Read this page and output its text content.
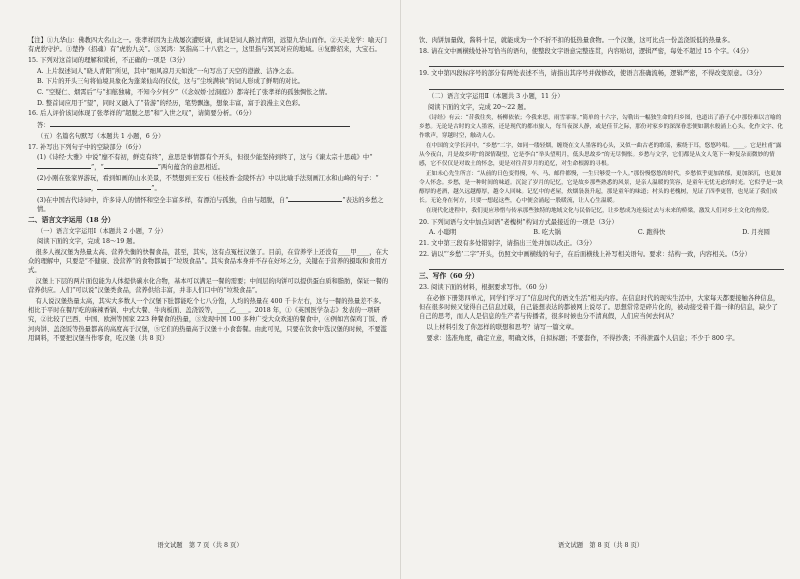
【注】①九华山：佛教四大名山之一。张孝祥因为主战屡次遭贬谪，此词是词人路过青阳，远望九华山而作。②天关龙学：喻天门有虎豹守护。③楚挣（招魂）有“虎豹九关”。③冥鸿：冥指高二十八宿之一，这里指与冥冥对应的地域。④复醉招来，大宝石。
15. 下列对这首词的理解和赏析，不正确的一项是（3分）
A. 上片叙述词人“晓人青阳”所见，其中“细风凉月天如洗”一句写出了天空的澄澈、洁净之态。
B. 下片的开头三句将仙境具象化为蓬莱仙岛的仪仗，这与“尘埃满袂”的词人形成了鲜明的对比。
C. “空疑仁、烟霄后”与“扣舷独啸，不知今夕何夕”（《念奴娇·过洞庭》）都寄托了张孝祥的孤独惆怅之情。
D. 整首词应用于“望”，同时又融入了“昔游”的经历，笔势飘逸，想象丰富，富于浪漫主义色彩。
16. 后人评价该词体现了张孝祥的“超脱之思”和“入世之叹”，请简要分析。（6分）
答：
（五）名篇名句默写（本题共 1 小题，6 分）
17. 补写出下列句子中的空缺部分（6分）
(1)《诗经·大雅》中说“靡不有初，鲜克有终”，意思是事情都有个开头，但很少能坚持到终了，这与《谏太宗十思疏》中“”，“	”两句蕴含的意思相近。
(2)小刚在张家界游玩，看到如画的山水美景，不禁想到王安石《桂枝香·金陵怀古》中以比喻手法刻画江水和山峰的句子：“，	”。
(3)在中国古代诗词中，许多诗人的情怀和空全丰富多样，有漂泊与孤独，自由与超脱，自“	”表达的乡愁之情。
二、语言文字运用（18 分）
（一）语言文字运用Ⅰ（本题共 2 小题，7 分）
阅读下面的文字，完成 18～19 题。
很多人视汉堡为热量太高、营养失衡的快餐食品，甚至，其实，这有点冤枉汉堡了。目前，在营养学上还没有____甲____，在大众的理解中，只要是“不健康、没营养”的食物都属于“垃圾食品”。其实食品本身并不存在好坏之分，关键在于营养的摄取和食用方式。
汉堡上下层的两片面包能为人体提供碳水化合物，基本可以满足一餐的需要；中间层的肉饼可以提供蛋白质和脂肪，保证一餐的营养供应。人们“可以说”汉堡类食品，营养供给丰富，并非人们口中的“垃圾食品”。
有人说汉堡热量太高，其实大多数人一个汉堡下肚都能吃个七八分饱，人均的热量在 400 千卡左右，这与一餐的热量差不多。相比于平时在餐厅吃的麻辣香锅、中式大餐、牛肉板面、盖浇饭等，____乙____。2018 年，①《英国医学杂志》发表的一项研究，②比较了巴西、中国、欧洲等国家 223 种餐食的热量，③发现中国 100 多种广受大众欢迎的餐食中，④例如宫保鸡丁饭、香河肉饼、盖浇饭等热量都高的高度高于汉堡，⑤它们的热量高于汉堡＋小食套餐。由此可见，只要在饮食中选汉堡的时候，不要滥用调料，不要把汉堡当作零食，吃汉堡（共 8 页）
语文试题　第 7 页（共 8 页）
饮、肉饼加量做，酱料十足，就能成为一个不折不扣的低热量食物。一个汉堡，这可比点一份盖浇饭低的热量多。
18. 请在文中画横线处补写恰当的语句，使整段文字语意完整连贯，内容贴切，逻辑严密，每处不超过 15 个字。（4分）
19. 文中第四段标序号的部分有两处表述不当，请指出其序号并做修改，使语言准确流畅，逻辑严密，不得改变原意。（3分）
（二）语言文字运用Ⅱ（本题共 3 小题，11 分）
阅读下面的文字，完成 20～22 题。
《诗经》有云：“昔我往矣，杨柳依依；今我来思，雨雪霏霏。”简单的十六字，勾勒出一幅独生命的归乡图，也道出了游子心中那份难以言喻的乡愁。无论是古时的文人墨客，还是现代的都市旅人，每当夜深人静，或是佳节之际，那份对家乡的深深眷恋便如潮水般涌上心头，化作文字、化作歌声，穿越时空，触动人心。
在中国的文学长河中，“乡愁”二字，如同一缕轻烟，缠绕在文人墨客的心头，又似一曲古老的歌谣，萦绕于耳，悠悠吟唱。____。它是杜甫“露从今夜白，月是故乡明”的深情凝望，它是李白“举头望明月，低头思故乡”的无尽惆怅。乡愁与文学，它们都是从文人笔下一种复杂而微妙的情感，它不仅仅是对故土的怀念，更是对往昔岁月的追忆，对生命根源的寻根。
正如未心先生所言：“从前的日色变得慢，车、马、邮件都慢，一生只够爱一个人。”那份慢悠悠的时代，乡愁似乎更加浓郁，更加深沉，也更加令人怀念。乡愁，是一种时间的味道。沉淀了岁月的记忆，它是故乡那些熟悉的风景，是亲人温暖的笑容，是童年无忧无虑的时光。它似乎是一块醇厚的老酒，越久远越醇厚，越令人回味。记忆中的老屋，炊烟袅袅升起，那是童年的味道；村头的老槐树，见证了四季更替，也见证了我们成长。无论身在何方，只要一想起这些，心中便会涌起一股暖流，让人心生温暖。
在现代化进程中，我们更应珍惜与传承那些独特的地域文化与民俗记忆，让乡愁成为连接过去与未来的桥梁，激发人们对乡土文化的热爱。
20. 下列词语与文中加点词语“老槐树”构词方式最接近的一项是（3分）
A. 小聪明	B. 吃大锅	C. 跑得快	D. 月亮圆
21. 文中第三段有多处错别字，请指出三处并加以改正。（3分）
22. 请以“‘乡愁’二字”开头，仿照文中画横线的句子，在后面横线上补写相关语句。要求：结构一致，内容相关。（5分）
三、写作（60 分）
23. 阅读下面的材料，根据要求写作。（60 分）
在必修下册第四单元，同学们学习了“信息时代的语文生活”相关内容。在信息时代的现实生活中，大家每天都要接触各种信息，但在很多时候又觉得自己信息过载，自己能想表达的都被网上说尽了。思想常常是碎片化的，被动接受着千篇一律的信息，缺少了自己的思考，而人人是信息的生产者与传播者，很多时候也分不清真假，人们应当何去何从？
以上材料引发了你怎样的联想和思考？请写一篇文章。
要求：选准角度，确定立意，明确文体，自拟标题；不要套作，不得抄袭；不得泄露个人信息；不少于 800 字。
语文试题　第 8 页（共 8 页）
